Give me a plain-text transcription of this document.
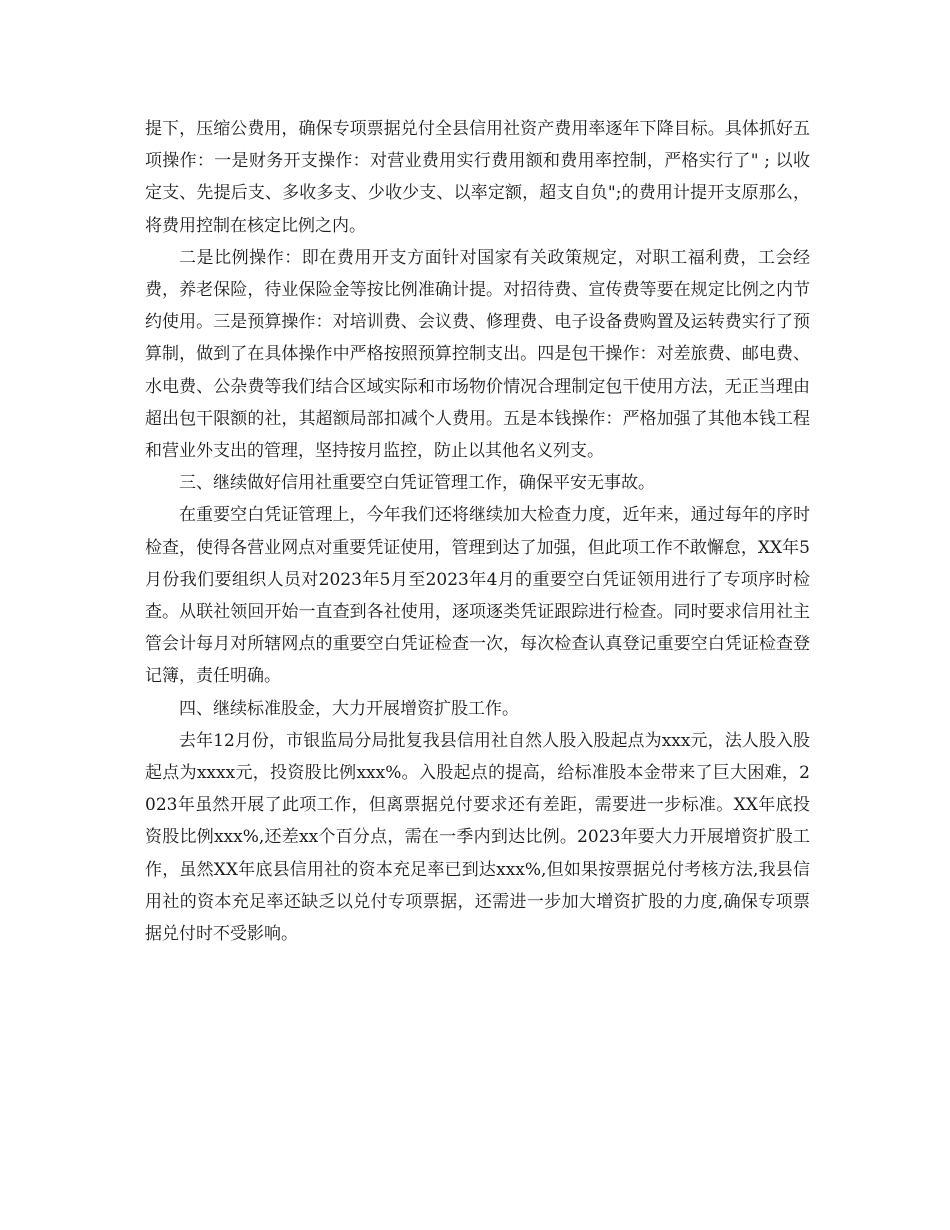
提下，压缩公费用，确保专项票据兑付全县信用社资产费用率逐年下降目标。具体抓好五项操作：一是财务开支操作：对营业费用实行费用额和费用率控制，严格实行了" ; 以收定支、先提后支、多收多支、少收少支、以率定额，超支自负";的费用计提开支原那么，将费用控制在核定比例之内。

二是比例操作：即在费用开支方面针对国家有关政策规定，对职工福利费，工会经费，养老保险，待业保险金等按比例准确计提。对招待费、宣传费等要在规定比例之内节约使用。三是预算操作：对培训费、会议费、修理费、电子设备费购置及运转费实行了预算制，做到了在具体操作中严格按照预算控制支出。四是包干操作：对差旅费、邮电费、水电费、公杂费等我们结合区域实际和市场物价情况合理制定包干使用方法，无正当理由超出包干限额的社，其超额局部扣减个人费用。五是本钱操作：严格加强了其他本钱工程和营业外支出的管理，坚持按月监控，防止以其他名义列支。

三、继续做好信用社重要空白凭证管理工作，确保平安无事故。

在重要空白凭证管理上，今年我们还将继续加大检查力度，近年来，通过每年的序时检查，使得各营业网点对重要凭证使用，管理到达了加强，但此项工作不敢懈怠，XX年5月份我们要组织人员对2023年5月至2023年4月的重要空白凭证领用进行了专项序时检查。从联社领回开始一直查到各社使用，逐项逐类凭证跟踪进行检查。同时要求信用社主管会计每月对所辖网点的重要空白凭证检查一次，每次检查认真登记重要空白凭证检查登记簿，责任明确。

四、继续标准股金，大力开展增资扩股工作。

去年12月份，市银监局分局批复我县信用社自然人股入股起点为xxx元，法人股入股起点为xxxx元，投资股比例xxx%。入股起点的提高，给标准股本金带来了巨大困难，2023年虽然开展了此项工作，但离票据兑付要求还有差距，需要进一步标准。XX年底投资股比例xxx%,还差xx个百分点，需在一季内到达比例。2023年要大力开展增资扩股工作，虽然XX年底县信用社的资本充足率已到达xxx%,但如果按票据兑付考核方法,我县信用社的资本充足率还缺乏以兑付专项票据，还需进一步加大增资扩股的力度,确保专项票据兑付时不受影响。
